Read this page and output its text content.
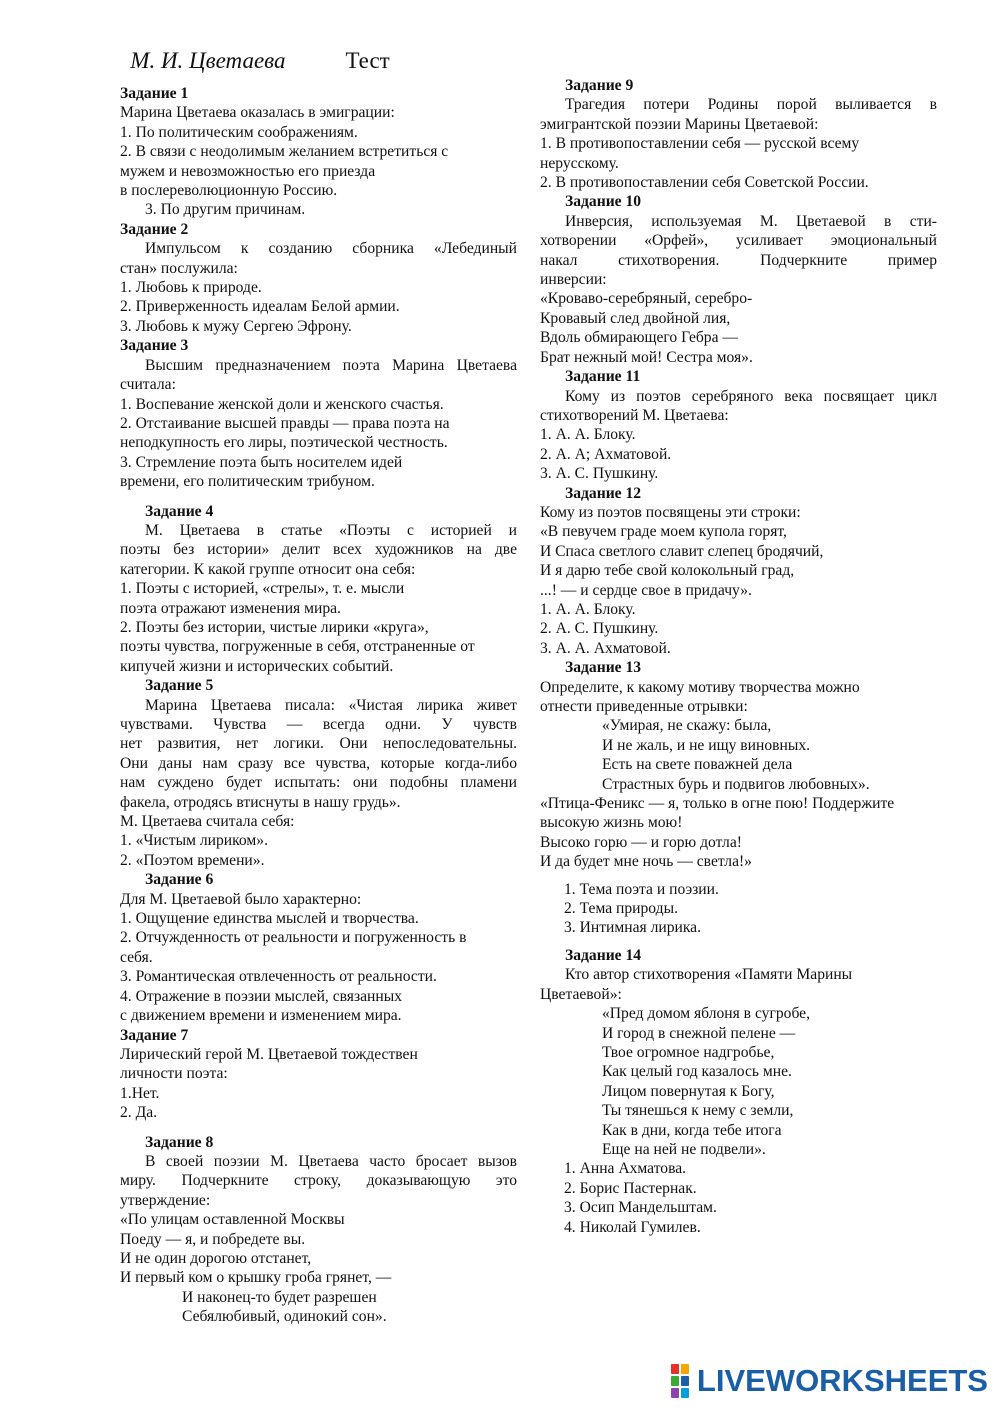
М. И. Цветаева	Тест
Задание 1
Марина Цветаева оказалась в эмиграции:
1. По политическим соображениям.
2. В связи с неодолимым желанием встретиться с
мужем и невозможностью его приезда
в послереволюционную Россию.
3. По другим причинам.
Задание 2
Импульсом к созданию сборника «Лебединый
стан» послужила:
1. Любовь к природе.
2. Приверженность идеалам Белой армии.
3. Любовь к мужу Сергею Эфрону.
Задание 3
Высшим предназначением поэта Марина Цветаева
считала:
1. Воспевание женской доли и женского счастья.
2. Отстаивание высшей правды — права поэта на
неподкупность его лиры, поэтической честность.
3. Стремление поэта быть носителем идей
времени, его политическим трибуном.
Задание 4
М. Цветаева в статье «Поэты с историей и
поэты без истории» делит всех художников на две
категории. К какой группе относит она себя:
1. Поэты с историей, «стрелы», т. е. мысли
поэта отражают изменения мира.
2. Поэты без истории, чистые лирики «круга»,
поэты чувства, погруженные в себя, отстраненные от
кипучей жизни и исторических событий.
Задание 5
Марина Цветаева писала: «Чистая лирика живет
чувствами. Чувства — всегда одни. У чувств
нет развития, нет логики. Они непоследовательны.
Они даны нам сразу все чувства, которые когда-либо
нам суждено будет испытать: они подобны пламени
факела, отродясь втиснуты в нашу грудь».
М. Цветаева считала себя:
1. «Чистым лириком».
2. «Поэтом времени».
Задание 6
Для М. Цветаевой было характерно:
1. Ощущение единства мыслей и творчества.
2. Отчужденность от реальности и погруженность в
себя.
3. Романтическая отвлеченность от реальности.
4. Отражение в поэзии мыслей, связанных
с движением времени и изменением мира.
Задание 7
Лирический герой М. Цветаевой тождествен
личности поэта:
1.Нет.
2. Да.
Задание 8
В своей поэзии М. Цветаева часто бросает вызов
миру. Подчеркните строку, доказывающую это
утверждение:
«По улицам оставленной Москвы
Поеду — я, и побредете вы.
И не один дорогою отстанет,
И первый ком о крышку гроба грянет, —
И наконец-то будет разрешен
Себялюбивый, одинокий сон».
Задание 9
Трагедия потери Родины порой выливается в
эмигрантской поэзии Марины Цветаевой:
1. В противопоставлении себя — русской всему
нерусскому.
2. В противопоставлении себя Советской России.
Задание 10
Инверсия, используемая М. Цветаевой в сти-
хотворении «Орфей», усиливает эмоциональный
накал стихотворения. Подчеркните пример
инверсии:
«Кроваво-серебряный, серебро-
Кровавый след двойной лия,
Вдоль обмирающего Гебра —
Брат нежный мой! Сестра моя».
Задание 11
Кому из поэтов серебряного века посвящает цикл
стихотворений М. Цветаева:
1. А. А. Блоку.
2. А. А; Ахматовой.
3. А. С. Пушкину.
Задание 12
Кому из поэтов посвящены эти строки:
«В певучем граде моем купола горят,
И Спаса светлого славит слепец бродячий,
И я дарю тебе свой колокольный град,
...! — и сердце свое в придачу».
1. А. А. Блоку.
2. А. С. Пушкину.
3. А. А. Ахматовой.
Задание 13
Определите, к какому мотиву творчества можно
отнести приведенные отрывки:
«Умирая, не скажу: была,
И не жаль, и не ищу виновных.
Есть на свете поважней дела
Страстных бурь и подвигов любовных».
«Птица-Феникс — я, только в огне пою! Поддержите
высокую жизнь мою!
Высоко горю — и горю дотла!
И да будет мне ночь — светла!»
1. Тема поэта и поэзии.
2. Тема природы.
3. Интимная лирика.
Задание 14
Кто автор стихотворения «Памяти Марины
Цветаевой»:
«Пред домом яблоня в сугробе,
И город в снежной пелене —
Твое огромное надгробье,
Как целый год казалось мне.
Лицом повернутая к Богу,
Ты тянешься к нему с земли,
Как в дни, когда тебе итога
Еще на ней не подвели».
1. Анна Ахматова.
2. Борис Пастернак.
3. Осип Мандельштам.
4. Николай Гумилев.
LIVEWORKSHEETS
